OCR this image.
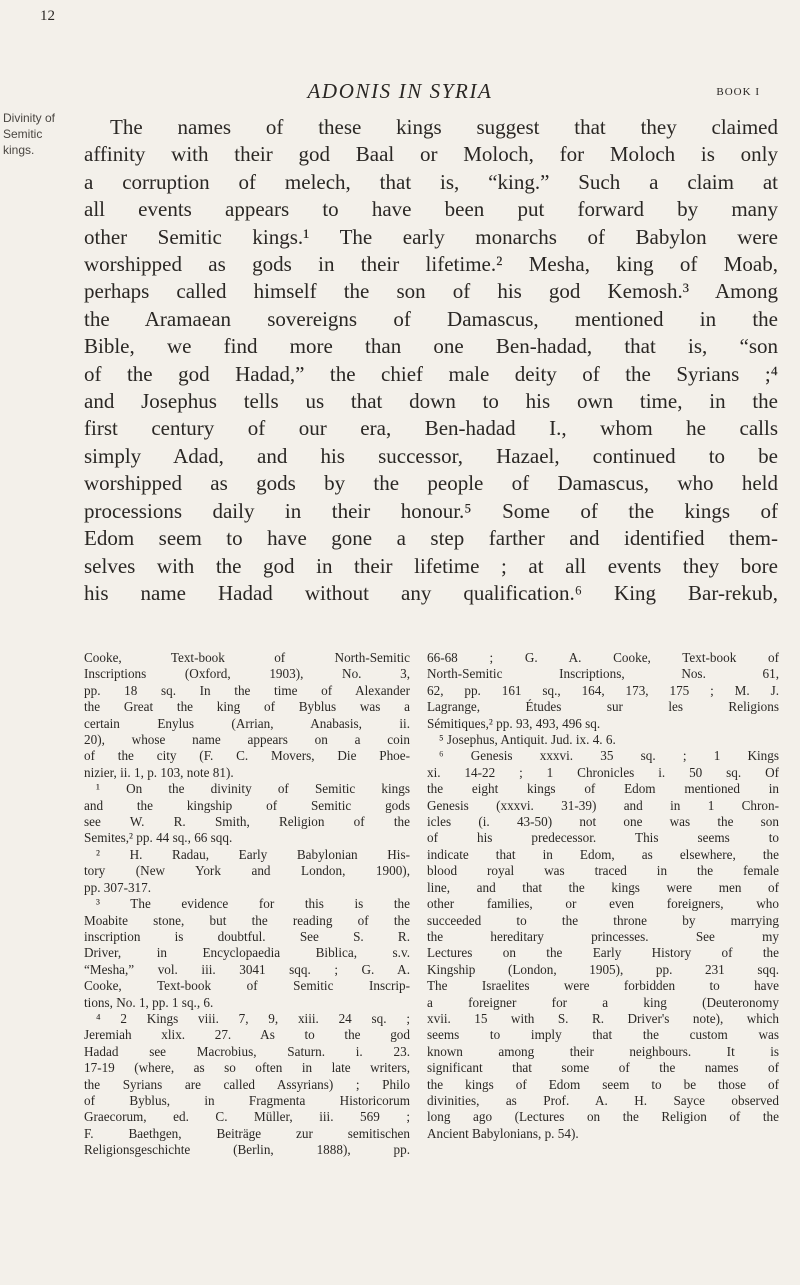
12
ADONIS IN SYRIA	BOOK I
Divinity of
Semitic
kings.
The names of these kings suggest that they claimed
affinity with their god Baal or Moloch, for Moloch is only
a corruption of melech, that is, “king.” Such a claim at
all events appears to have been put forward by many
other Semitic kings.¹ The early monarchs of Babylon were
worshipped as gods in their lifetime.² Mesha, king of Moab,
perhaps called himself the son of his god Kemosh.³ Among
the Aramaean sovereigns of Damascus, mentioned in the
Bible, we find more than one Ben-hadad, that is, “son
of the god Hadad,” the chief male deity of the Syrians ;⁴
and Josephus tells us that down to his own time, in the
first century of our era, Ben-hadad I., whom he calls
simply Adad, and his successor, Hazael, continued to be
worshipped as gods by the people of Damascus, who held
processions daily in their honour.⁵ Some of the kings of
Edom seem to have gone a step farther and identified them-
selves with the god in their lifetime ; at all events they bore
his name Hadad without any qualification.⁶ King Bar-rekub,
Cooke, Text-book of North-Semitic
Inscriptions (Oxford, 1903), No. 3,
pp. 18 sq. In the time of Alexander
the Great the king of Byblus was a
certain Enylus (Arrian, Anabasis, ii.
20), whose name appears on a coin
of the city (F. C. Movers, Die Phoe-
nizier, ii. 1, p. 103, note 81).
¹ On the divinity of Semitic kings
and the kingship of Semitic gods
see W. R. Smith, Religion of the
Semites,² pp. 44 sq., 66 sqq.
² H. Radau, Early Babylonian His-
tory (New York and London, 1900),
pp. 307-317.
³ The evidence for this is the
Moabite stone, but the reading of the
inscription is doubtful. See S. R.
Driver, in Encyclopaedia Biblica, s.v.
“Mesha,” vol. iii. 3041 sqq. ; G. A.
Cooke, Text-book of Semitic Inscrip-
tions, No. 1, pp. 1 sq., 6.
⁴ 2 Kings viii. 7, 9, xiii. 24 sq. ;
Jeremiah xlix. 27. As to the god
Hadad see Macrobius, Saturn. i. 23.
17-19 (where, as so often in late writers,
the Syrians are called Assyrians) ; Philo
of Byblus, in Fragmenta Historicorum
Graecorum, ed. C. Müller, iii. 569 ;
F. Baethgen, Beiträge zur semitischen
Religionsgeschichte (Berlin, 1888), pp.
66-68 ; G. A. Cooke, Text-book of
North-Semitic Inscriptions, Nos. 61,
62, pp. 161 sq., 164, 173, 175 ; M. J.
Lagrange, Études sur les Religions
Sémitiques,² pp. 93, 493, 496 sq.
⁵ Josephus, Antiquit. Jud. ix. 4. 6.
⁶ Genesis xxxvi. 35 sq. ; 1 Kings
xi. 14-22 ; 1 Chronicles i. 50 sq. Of
the eight kings of Edom mentioned in
Genesis (xxxvi. 31-39) and in 1 Chron-
icles (i. 43-50) not one was the son
of his predecessor. This seems to
indicate that in Edom, as elsewhere, the
blood royal was traced in the female
line, and that the kings were men of
other families, or even foreigners, who
succeeded to the throne by marrying
the hereditary princesses. See my
Lectures on the Early History of the
Kingship (London, 1905), pp. 231 sqq.
The Israelites were forbidden to have
a foreigner for a king (Deuteronomy
xvii. 15 with S. R. Driver's note), which
seems to imply that the custom was
known among their neighbours. It is
significant that some of the names of
the kings of Edom seem to be those of
divinities, as Prof. A. H. Sayce observed
long ago (Lectures on the Religion of the
Ancient Babylonians, p. 54).
